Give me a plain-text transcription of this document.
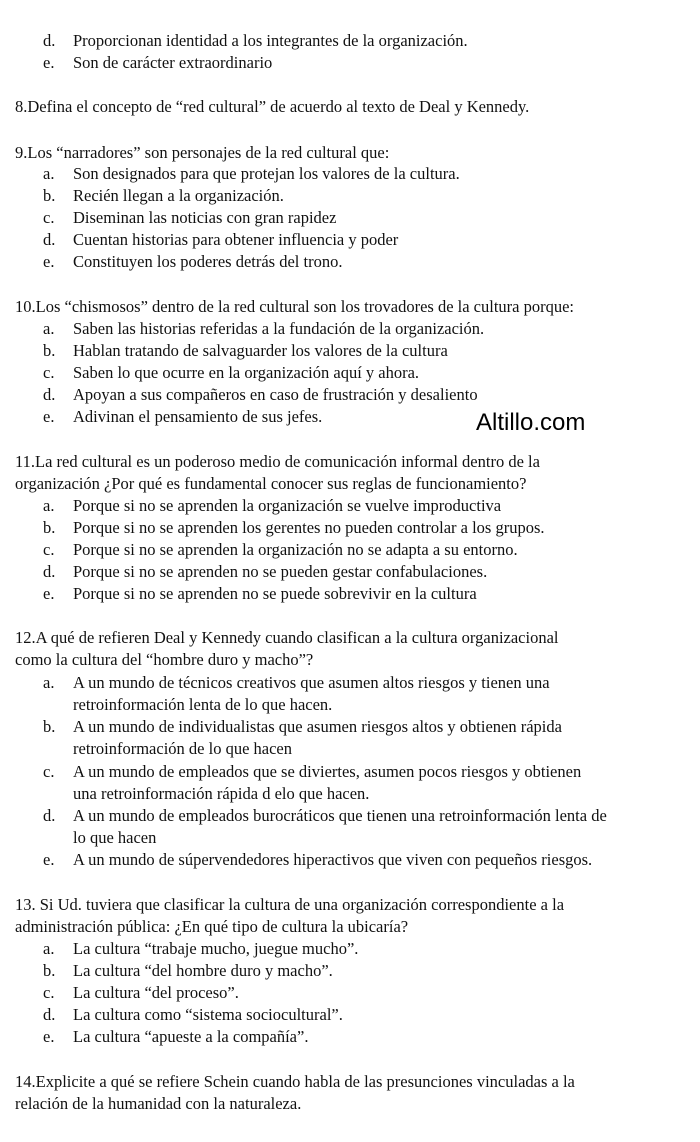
d.	Proporcionan identidad a los integrantes de la organización.
e.	Son de carácter extraordinario
8.Defina el concepto de “red cultural” de acuerdo al texto de Deal y Kennedy.
9.Los “narradores” son personajes de la red cultural que:
a.	Son designados para que protejan los valores de la cultura.
b.	Recién llegan a la organización.
c.	Diseminan las noticias con gran rapidez
d.	Cuentan historias para obtener influencia y poder
e.	Constituyen los poderes detrás del trono.
10.Los “chismosos” dentro de la red cultural son los trovadores de la cultura porque:
a.	Saben las historias referidas a la fundación de la organización.
b.	Hablan tratando de salvaguarder los valores de la cultura
c.	Saben lo que ocurre en la organización aquí y ahora.
d.	Apoyan a sus compañeros en caso de frustración y desaliento
e.	Adivinan el pensamiento de sus jefes.	Altillo.com
11.La red cultural es un poderoso medio de comunicación informal dentro de la
organización ¿Por qué es fundamental conocer sus reglas de funcionamiento?
a.	Porque si no se aprenden la organización se vuelve improductiva
b.	Porque si no se aprenden los gerentes no pueden controlar a los grupos.
c.	Porque si no se aprenden la organización no se adapta a su entorno.
d.	Porque si no se aprenden no se pueden gestar confabulaciones.
e.	Porque si no se aprenden no se puede sobrevivir en la cultura
12.A qué de refieren Deal y Kennedy cuando clasifican a la cultura organizacional
como la cultura del “hombre duro y macho”?
a.	A un mundo de técnicos creativos que asumen altos riesgos y tienen una
retroinformación lenta de lo que hacen.
b.	A un mundo de individualistas que asumen riesgos altos y obtienen rápida
retroinformación de lo que hacen
c.	A un mundo de empleados que se diviertes, asumen pocos riesgos y obtienen
una retroinformación rápida d elo que hacen.
d.	A un mundo de empleados burocráticos que tienen una retroinformación lenta de
lo que hacen
e.	A un mundo de súpervendedores hiperactivos que viven con pequeños riesgos.
13. Si Ud. tuviera que clasificar la cultura de una organización correspondiente a la
administración pública: ¿En qué tipo de cultura la ubicaría?
a.	La cultura “trabaje mucho, juegue mucho”.
b.	La cultura “del hombre duro y macho”.
c.	La cultura “del proceso”.
d.	La cultura como “sistema sociocultural”.
e.	La cultura “apueste a la compañía”.
14.Explicite a qué se refiere Schein cuando habla de las presunciones vinculadas a la
relación de la humanidad con la naturaleza.
